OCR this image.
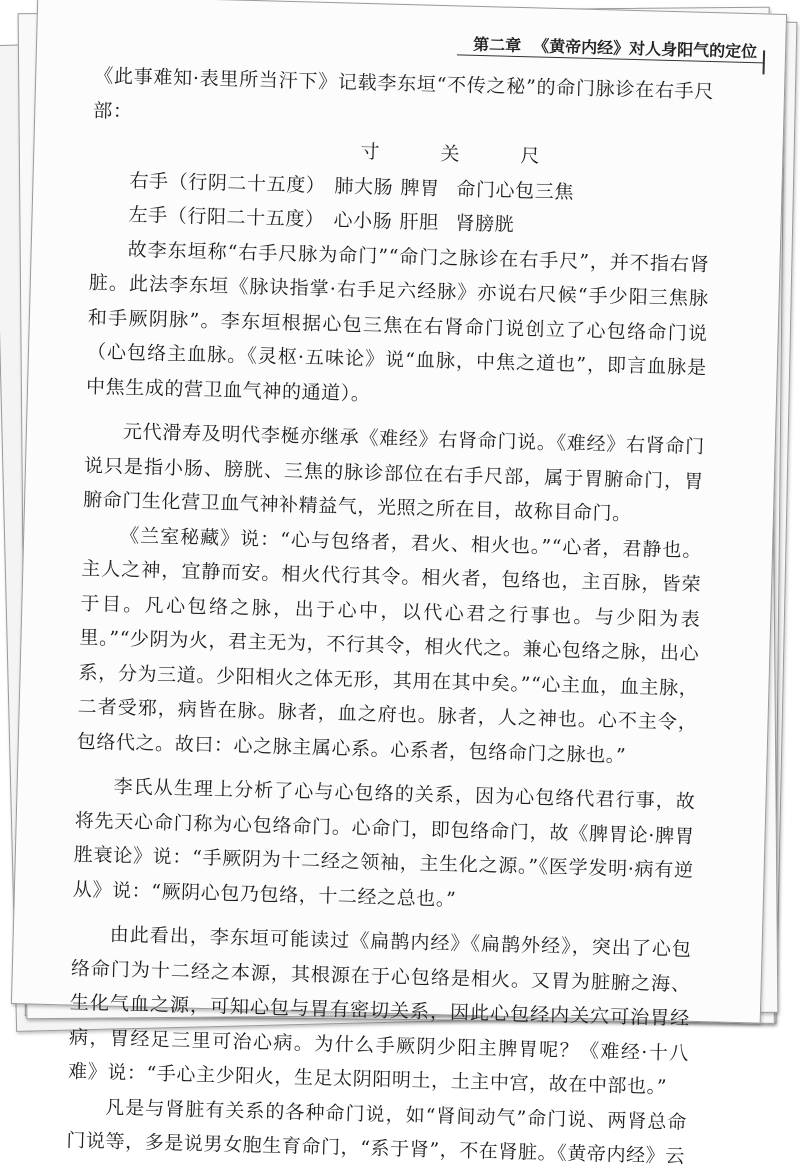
第二章 《黄帝内经》对人身阳气的定位

《此事难知·表里所当汗下》记载李东垣“不传之秘”的命门脉诊在右手尺部：

寸	关	尺
右手（行阴二十五度） 肺大肠 脾胃 命门心包三焦
左手（行阳二十五度） 心小肠 肝胆 肾膀胱

故李东垣称“右手尺脉为命门”“命门之脉诊在右手尺”，并不指右肾脏。此法李东垣《脉诀指掌·右手足六经脉》亦说右尺候“手少阳三焦脉和手厥阴脉”。李东垣根据心包三焦在右肾命门说创立了心包络命门说（心包络主血脉。《灵枢·五味论》说“血脉，中焦之道也”，即言血脉是中焦生成的营卫血气神的通道）。

元代滑寿及明代李梴亦继承《难经》右肾命门说。《难经》右肾命门说只是指小肠、膀胱、三焦的脉诊部位在右手尺部，属于胃腑命门，胃腑命门生化营卫血气神补精益气，光照之所在目，故称目命门。

《兰室秘藏》说：“心与包络者，君火、相火也。”“心者，君静也。主人之神，宜静而安。相火代行其令。相火者，包络也，主百脉，皆荣于目。凡心包络之脉，出于心中，以代心君之行事也。与少阳为表里。”“少阴为火，君主无为，不行其令，相火代之。兼心包络之脉，出心系，分为三道。少阳相火之体无形，其用在其中矣。”“心主血，血主脉，二者受邪，病皆在脉。脉者，血之府也。脉者，人之神也。心不主令，包络代之。故曰：心之脉主属心系。心系者，包络命门之脉也。”

李氏从生理上分析了心与心包络的关系，因为心包络代君行事，故将先天心命门称为心包络命门。心命门，即包络命门，故《脾胃论·脾胃胜衰论》说：“手厥阴为十二经之领袖，主生化之源。”《医学发明·病有逆从》说：“厥阴心包乃包络，十二经之总也。”

由此看出，李东垣可能读过《扁鹊内经》《扁鹊外经》，突出了心包络命门为十二经之本源，其根源在于心包络是相火。又胃为脏腑之海、生化气血之源，可知心包与胃有密切关系，因此心包经内关穴可治胃经病，胃经足三里可治心病。为什么手厥阴少阳主脾胃呢？《难经·十八难》说：“手心主少阳火，生足太阴阳明土，土主中宫，故在中部也。”

凡是与肾脏有关系的各种命门说，如“肾间动气”命门说、两肾总命门说等，多是说男女胞生育命门，“系于肾”，不在肾脏。《黄帝内经》云
